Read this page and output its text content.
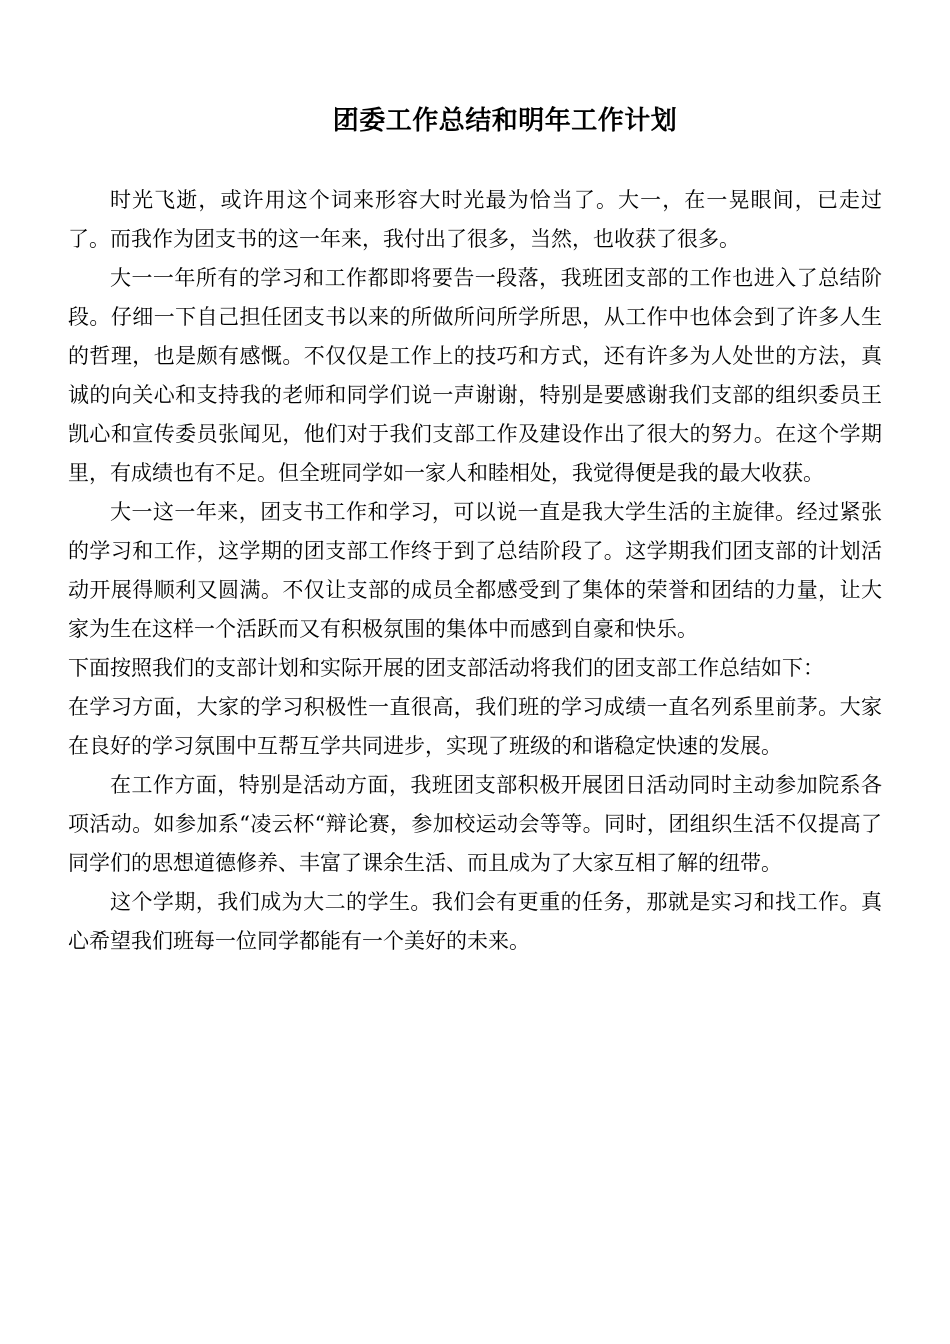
团委工作总结和明年工作计划

时光飞逝，或许用这个词来形容大时光最为恰当了。大一，在一晃眼间，已走过了。而我作为团支书的这一年来，我付出了很多，当然，也收获了很多。

大一一年所有的学习和工作都即将要告一段落，我班团支部的工作也进入了总结阶段。仔细一下自己担任团支书以来的所做所问所学所思，从工作中也体会到了许多人生的哲理，也是颇有感慨。不仅仅是工作上的技巧和方式，还有许多为人处世的方法，真诚的向关心和支持我的老师和同学们说一声谢谢，特别是要感谢我们支部的组织委员王凯心和宣传委员张闻见，他们对于我们支部工作及建设作出了很大的努力。在这个学期里，有成绩也有不足。但全班同学如一家人和睦相处，我觉得便是我的最大收获。

大一这一年来，团支书工作和学习，可以说一直是我大学生活的主旋律。经过紧张的学习和工作，这学期的团支部工作终于到了总结阶段了。这学期我们团支部的计划活动开展得顺利又圆满。不仅让支部的成员全都感受到了集体的荣誉和团结的力量，让大家为生在这样一个活跃而又有积极氛围的集体中而感到自豪和快乐。

下面按照我们的支部计划和实际开展的团支部活动将我们的团支部工作总结如下：

在学习方面，大家的学习积极性一直很高，我们班的学习成绩一直名列系里前茅。大家在良好的学习氛围中互帮互学共同进步，实现了班级的和谐稳定快速的发展。

在工作方面，特别是活动方面，我班团支部积极开展团日活动同时主动参加院系各项活动。如参加系“凌云杯“辩论赛，参加校运动会等等。同时，团组织生活不仅提高了同学们的思想道德修养、丰富了课余生活、而且成为了大家互相了解的纽带。

这个学期，我们成为大二的学生。我们会有更重的任务，那就是实习和找工作。真心希望我们班每一位同学都能有一个美好的未来。
